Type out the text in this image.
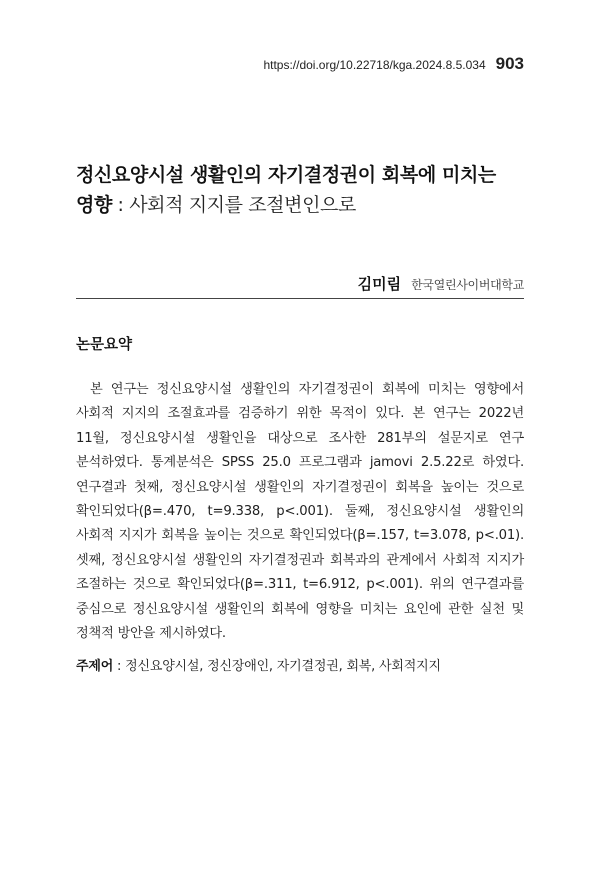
https://doi.org/10.22718/kga.2024.8.5.034 903
정신요양시설 생활인의 자기결정권이 회복에 미치는
영향 : 사회적 지지를 조절변인으로
김미림 한국열린사이버대학교
논문요약

본 연구는 정신요양시설 생활인의 자기결정권이 회복에 미치는 영향에서 사회적 지지의 조절효과를 검증하기 위한 목적이 있다. 본 연구는 2022년 11월, 정신요양시설 생활인을 대상으로 조사한 281부의 설문지로 연구 분석하였다. 통계분석은 SPSS 25.0 프로그램과 jamovi 2.5.22로 하였다. 연구결과 첫째, 정신요양시설 생활인의 자기결정권이 회복을 높이는 것으로 확인되었다(β=.470, t=9.338, p<.001). 둘째, 정신요양시설 생활인의 사회적 지지가 회복을 높이는 것으로 확인되었다(β=.157, t=3.078, p<.01). 셋째, 정신요양시설 생활인의 자기결정권과 회복과의 관계에서 사회적 지지가 조절하는 것으로 확인되었다(β=.311, t=6.912, p<.001). 위의 연구결과를 중심으로 정신요양시설 생활인의 회복에 영향을 미치는 요인에 관한 실천 및 정책적 방안을 제시하였다.

주제어 : 정신요양시설, 정신장애인, 자기결정권, 회복, 사회적지지
